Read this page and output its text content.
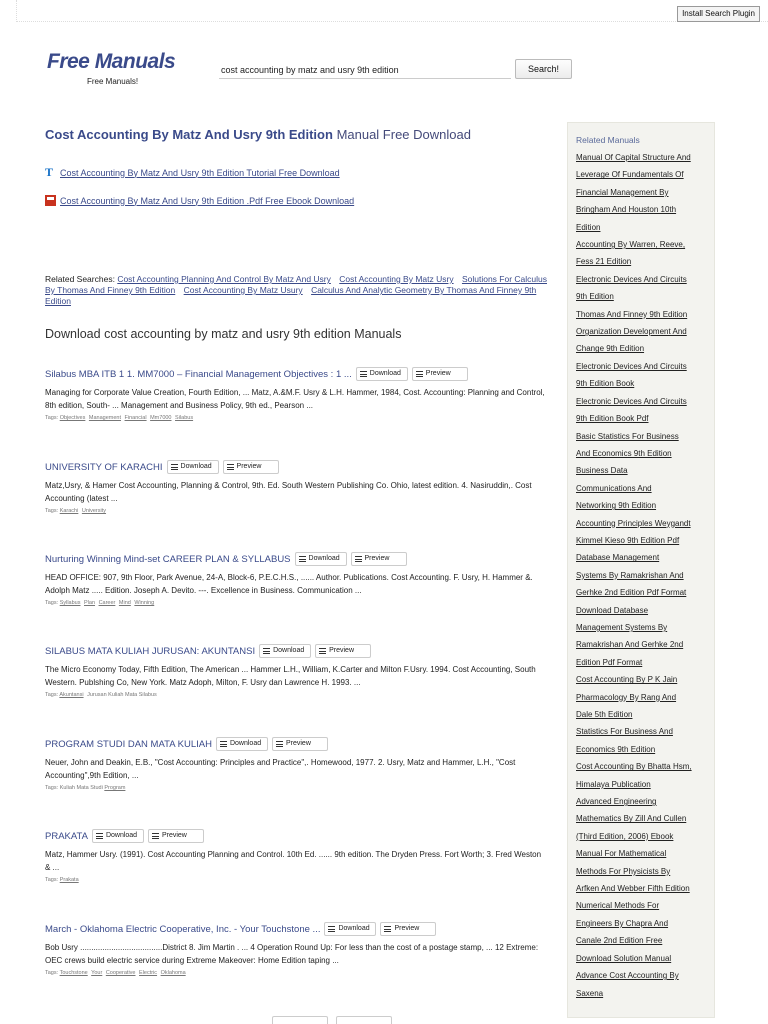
Install Search Plugin
Free Manuals
Free Manuals!
cost accounting by matz and usry 9th edition
Search!
Cost Accounting By Matz And Usry 9th Edition Manual Free Download
T Cost Accounting By Matz And Usry 9th Edition Tutorial Free Download
Cost Accounting By Matz And Usry 9th Edition .Pdf Free Ebook Download
Related Searches: Cost Accounting Planning And Control By Matz And Usry Cost Accounting By Matz Usry Solutions For Calculus By Thomas And Finney 9th Edition Cost Accounting By Matz Usury Calculus And Analytic Geometry By Thomas And Finney 9th Edition
Download cost accounting by matz and usry 9th edition Manuals
Silabus MBA ITB 1 1. MM7000 – Financial Management Objectives : 1 ...	Download	Preview
Managing for Corporate Value Creation, Fourth Edition, ... Matz, A.&M.F. Usry & L.H. Hammer, 1984, Cost. Accounting: Planning and Control, 8th edition, South- ... Management and Business Policy, 9th ed., Pearson ...
Tags: Objectives Management Financial Mm7000 Silabus
UNIVERSITY OF KARACHI	Download	Preview
Matz,Usry, & Hamer Cost Accounting, Planning & Control, 9th. Ed. South Western Publishing Co. Ohio, latest edition. 4. Nasiruddin,. Cost Accounting (latest ...
Tags: Karachi University
Nurturing Winning Mind-set CAREER PLAN & SYLLABUS	Download	Preview
HEAD OFFICE: 907, 9th Floor, Park Avenue, 24-A, Block-6, P.E.C.H.S., ...... Author. Publications. Cost Accounting. F. Usry, H. Hammer &. Adolph Matz ..... Edition. Joseph A. Devito. ---. Excellence in Business. Communication ...
Tags: Syllabus Plan Career Mind Winning
SILABUS MATA KULIAH JURUSAN: AKUNTANSI	Download	Preview
The Micro Economy Today, Fifth Edition, The American ... Hammer L.H., William, K.Carter and Milton F.Usry. 1994. Cost Accounting, South Western. Publshing Co, New York. Matz Adoph, Milton, F. Usry dan Lawrence H. 1993. ...
Tags: Akuntansi Jurusan Kuliah Mata Silabus
PROGRAM STUDI DAN MATA KULIAH	Download	Preview
Neuer, John and Deakin, E.B., "Cost Accounting: Principles and Practice",. Homewood, 1977. 2. Usry, Matz and Hammer, L.H., "Cost Accounting",9th Edition, ...
Tags: Kuliah Mata Studi Program
PRAKATA	Download	Preview
Matz, Hammer Usry. (1991). Cost Accounting Planning and Control. 10th Ed. ...... 9th edition. The Dryden Press. Fort Worth; 3. Fred Weston & ...
Tags: Prakata
March - Oklahoma Electric Cooperative, Inc. - Your Touchstone ...	Download	Preview
Bob Usry .....................................District 8. Jim Martin . ... 4 Operation Round Up: For less than the cost of a postage stamp, ... 12 Extreme: OEC crews build electric service during Extreme Makeover: Home Edition taping ...
Tags: Touchstone Your Cooperative Electric Oklahoma
Related Manuals
Manual Of Capital Structure And
Leverage Of Fundamentals Of
Financial Management By
Bringham And Houston 10th
Edition
Accounting By Warren, Reeve,
Fess 21 Edition
Electronic Devices And Circuits
9th Edition
Thomas And Finney 9th Edition
Organization Development And
Change 9th Edition
Electronic Devices And Circuits
9th Edition Book
Electronic Devices And Circuits
9th Edition Book Pdf
Basic Statistics For Business
And Economics 9th Edition
Business Data
Communications And
Networking 9th Edition
Accounting Principles Weygandt
Kimmel Kieso 9th Edition Pdf
Database Management
Systems By Ramakrishan And
Gerhke 2nd Edition Pdf Format
Download Database
Management Systems By
Ramakrishan And Gerhke 2nd
Edition Pdf Format
Cost Accounting By P K Jain
Pharmacology By Rang And
Dale 5th Edition
Statistics For Business And
Economics 9th Edition
Cost Accounting By Bhatta Hsm,
Himalaya Publication
Advanced Engineering
Mathematics By Zill And Cullen
(Third Edition, 2006) Ebook
Manual For Mathematical
Methods For Physicists By
Arfken And Webber Fifth Edition
Numerical Methods For
Engineers By Chapra And
Canale 2nd Edition Free
Download Solution Manual
Advance Cost Accounting By
Saxena
